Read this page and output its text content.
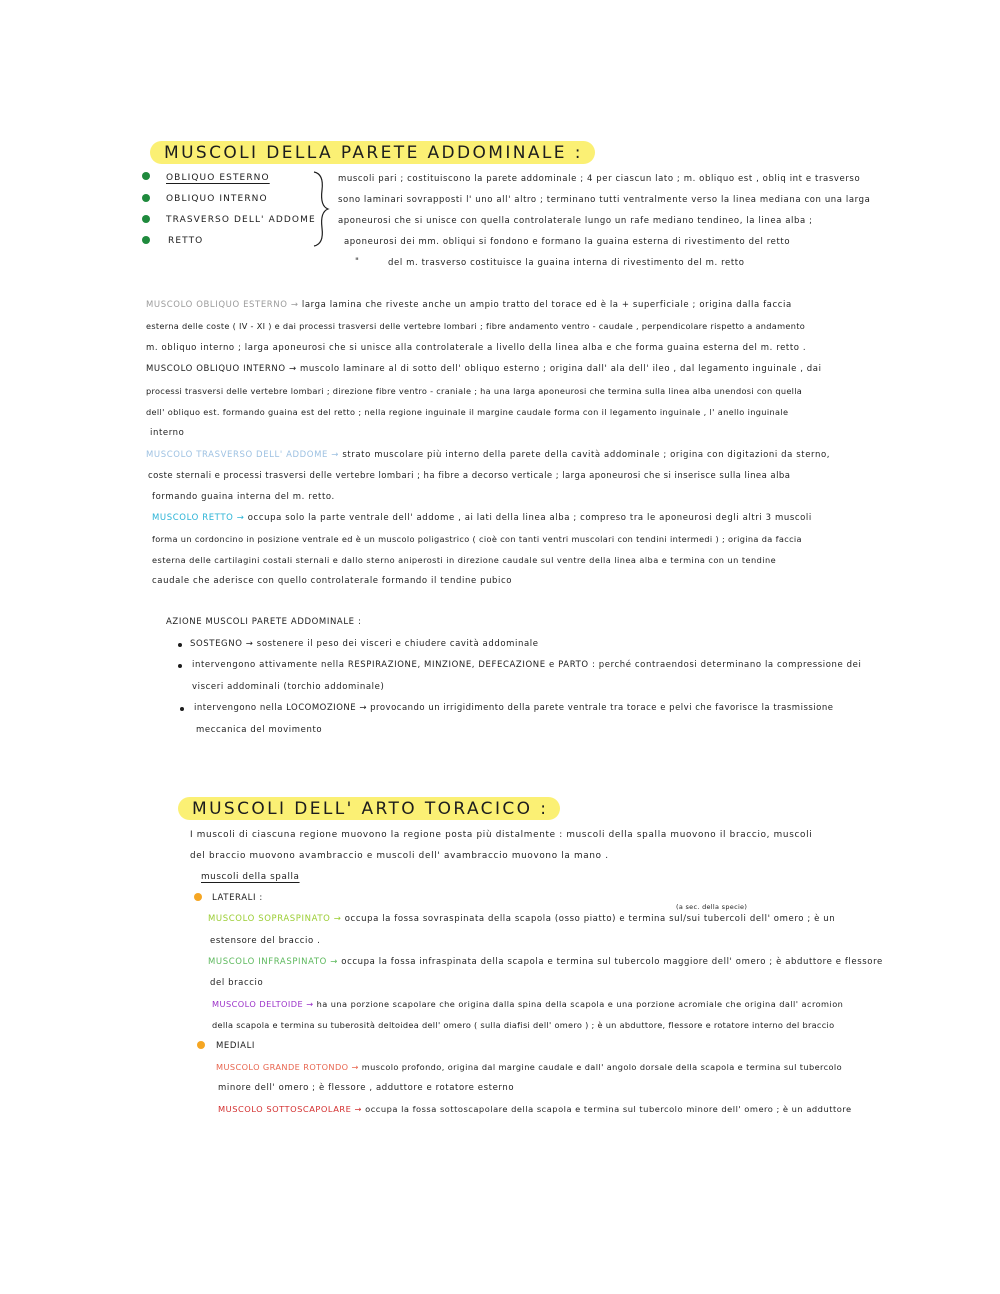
MUSCOLI DELLA PARETE ADDOMINALE :
OBLIQUO ESTERNO
OBLIQUO INTERNO
TRASVERSO DELL' ADDOME
RETTO
muscoli pari ; costituiscono la parete addominale ; 4 per ciascun lato ; m. obliquo est , obliq int e trasverso
sono laminari sovrapposti l' uno all' altro ; terminano tutti ventralmente verso la linea mediana con una larga
aponeurosi che si unisce con quella controlaterale lungo un rafe mediano tendineo, la linea alba ;
aponeurosi dei mm. obliqui si fondono e formano la guaina esterna di rivestimento del retto
"	del m. trasverso costituisce la guaina interna di rivestimento del m. retto
MUSCOLO OBLIQUO ESTERNO → larga lamina che riveste anche un ampio tratto del torace ed è la + superficiale ; origina dalla faccia
esterna delle coste ( IV - XI ) e dai processi trasversi delle vertebre lombari ; fibre andamento ventro - caudale , perpendicolare rispetto a andamento
m. obliquo interno ; larga aponeurosi che si unisce alla controlaterale a livello della linea alba e che forma guaina esterna del m. retto .
MUSCOLO OBLIQUO INTERNO → muscolo laminare al di sotto dell' obliquo esterno ; origina dall' ala dell' ileo , dal legamento inguinale , dai
processi trasversi delle vertebre lombari ; direzione fibre ventro - craniale ; ha una larga aponeurosi che termina sulla linea alba unendosi con quella
dell' obliquo est. formando guaina est del retto ; nella regione inguinale il margine caudale forma con il legamento inguinale , l' anello inguinale
interno
MUSCOLO TRASVERSO DELL' ADDOME → strato muscolare più interno della parete della cavità addominale ; origina con digitazioni da sterno,
coste sternali e processi trasversi delle vertebre lombari ; ha fibre a decorso verticale ; larga aponeurosi che si inserisce sulla linea alba
formando guaina interna del m. retto.
MUSCOLO RETTO → occupa solo la parte ventrale dell' addome , ai lati della linea alba ; compreso tra le aponeurosi degli altri 3 muscoli
forma un cordoncino in posizione ventrale ed è un muscolo poligastrico ( cioè con tanti ventri muscolari con tendini intermedi ) ; origina da faccia
esterna delle cartilagini costali sternali e dallo sterno aniperosti in direzione caudale sul ventre della linea alba e termina con un tendine
caudale che aderisce con quello controlaterale formando il tendine pubico
AZIONE MUSCOLI PARETE ADDOMINALE :
SOSTEGNO → sostenere il peso dei visceri e chiudere cavità addominale
intervengono attivamente nella RESPIRAZIONE, MINZIONE, DEFECAZIONE e PARTO : perché contraendosi determinano la compressione dei
visceri addominali (torchio addominale)
intervengono nella LOCOMOZIONE → provocando un irrigidimento della parete ventrale tra torace e pelvi che favorisce la trasmissione
meccanica del movimento
MUSCOLI DELL' ARTO TORACICO :
I muscoli di ciascuna regione muovono la regione posta più distalmente : muscoli della spalla muovono il braccio, muscoli
del braccio muovono avambraccio e muscoli dell' avambraccio muovono la mano .
muscoli della spalla
LATERALI :
(a sec. della specie)
MUSCOLO SOPRASPINATO → occupa la fossa sovraspinata della scapola (osso piatto) e termina sul/sui tubercoli dell' omero ; è un
estensore del braccio .
MUSCOLO INFRASPINATO → occupa la fossa infraspinata della scapola e termina sul tubercolo maggiore dell' omero ; è abduttore e flessore
del braccio
MUSCOLO DELTOIDE → ha una porzione scapolare che origina dalla spina della scapola e una porzione acromiale che origina dall' acromion
della scapola e termina su tuberosità deltoidea dell' omero ( sulla diafisi dell' omero ) ; è un abduttore, flessore e rotatore interno del braccio
MEDIALI
MUSCOLO GRANDE ROTONDO → muscolo profondo, origina dal margine caudale e dall' angolo dorsale della scapola e termina sul tubercolo
minore dell' omero ; è flessore , adduttore e rotatore esterno
MUSCOLO SOTTOSCAPOLARE → occupa la fossa sottoscapolare della scapola e termina sul tubercolo minore dell' omero ; è un adduttore
